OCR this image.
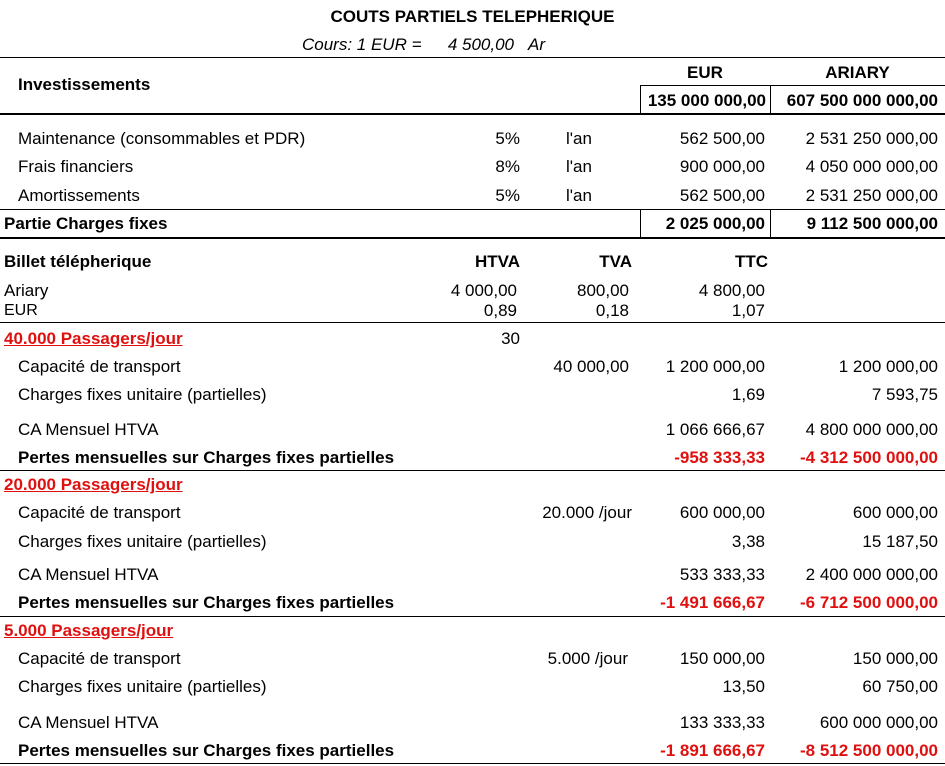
COUTS PARTIELS TELEPHERIQUE
Cours: 1 EUR =	4 500,00 Ar
Investissements
EUR	ARIARY
135 000 000,00	607 500 000 000,00
Maintenance (consommables et PDR)	5%	l'an	562 500,00	2 531 250 000,00
Frais financiers	8%	l'an	900 000,00	4 050 000 000,00
Amortissements	5%	l'an	562 500,00	2 531 250 000,00
Partie Charges fixes	2 025 000,00	9 112 500 000,00
Billet télépherique	HTVA	TVA	TTC
Ariary	4 000,00	800,00	4 800,00
EUR	0,89	0,18	1,07
40.000 Passagers/jour	30
Capacité de transport	40 000,00	1 200 000,00	1 200 000,00
Charges fixes unitaire (partielles)	1,69	7 593,75
CA Mensuel HTVA	1 066 666,67	4 800 000 000,00
Pertes mensuelles sur Charges fixes partielles	-958 333,33	-4 312 500 000,00
20.000 Passagers/jour
Capacité de transport	20.000 /jour	600 000,00	600 000,00
Charges fixes unitaire (partielles)	3,38	15 187,50
CA Mensuel HTVA	533 333,33	2 400 000 000,00
Pertes mensuelles sur Charges fixes partielles	-1 491 666,67	-6 712 500 000,00
5.000 Passagers/jour
Capacité de transport	5.000 /jour	150 000,00	150 000,00
Charges fixes unitaire (partielles)	13,50	60 750,00
CA Mensuel HTVA	133 333,33	600 000 000,00
Pertes mensuelles sur Charges fixes partielles	-1 891 666,67	-8 512 500 000,00
